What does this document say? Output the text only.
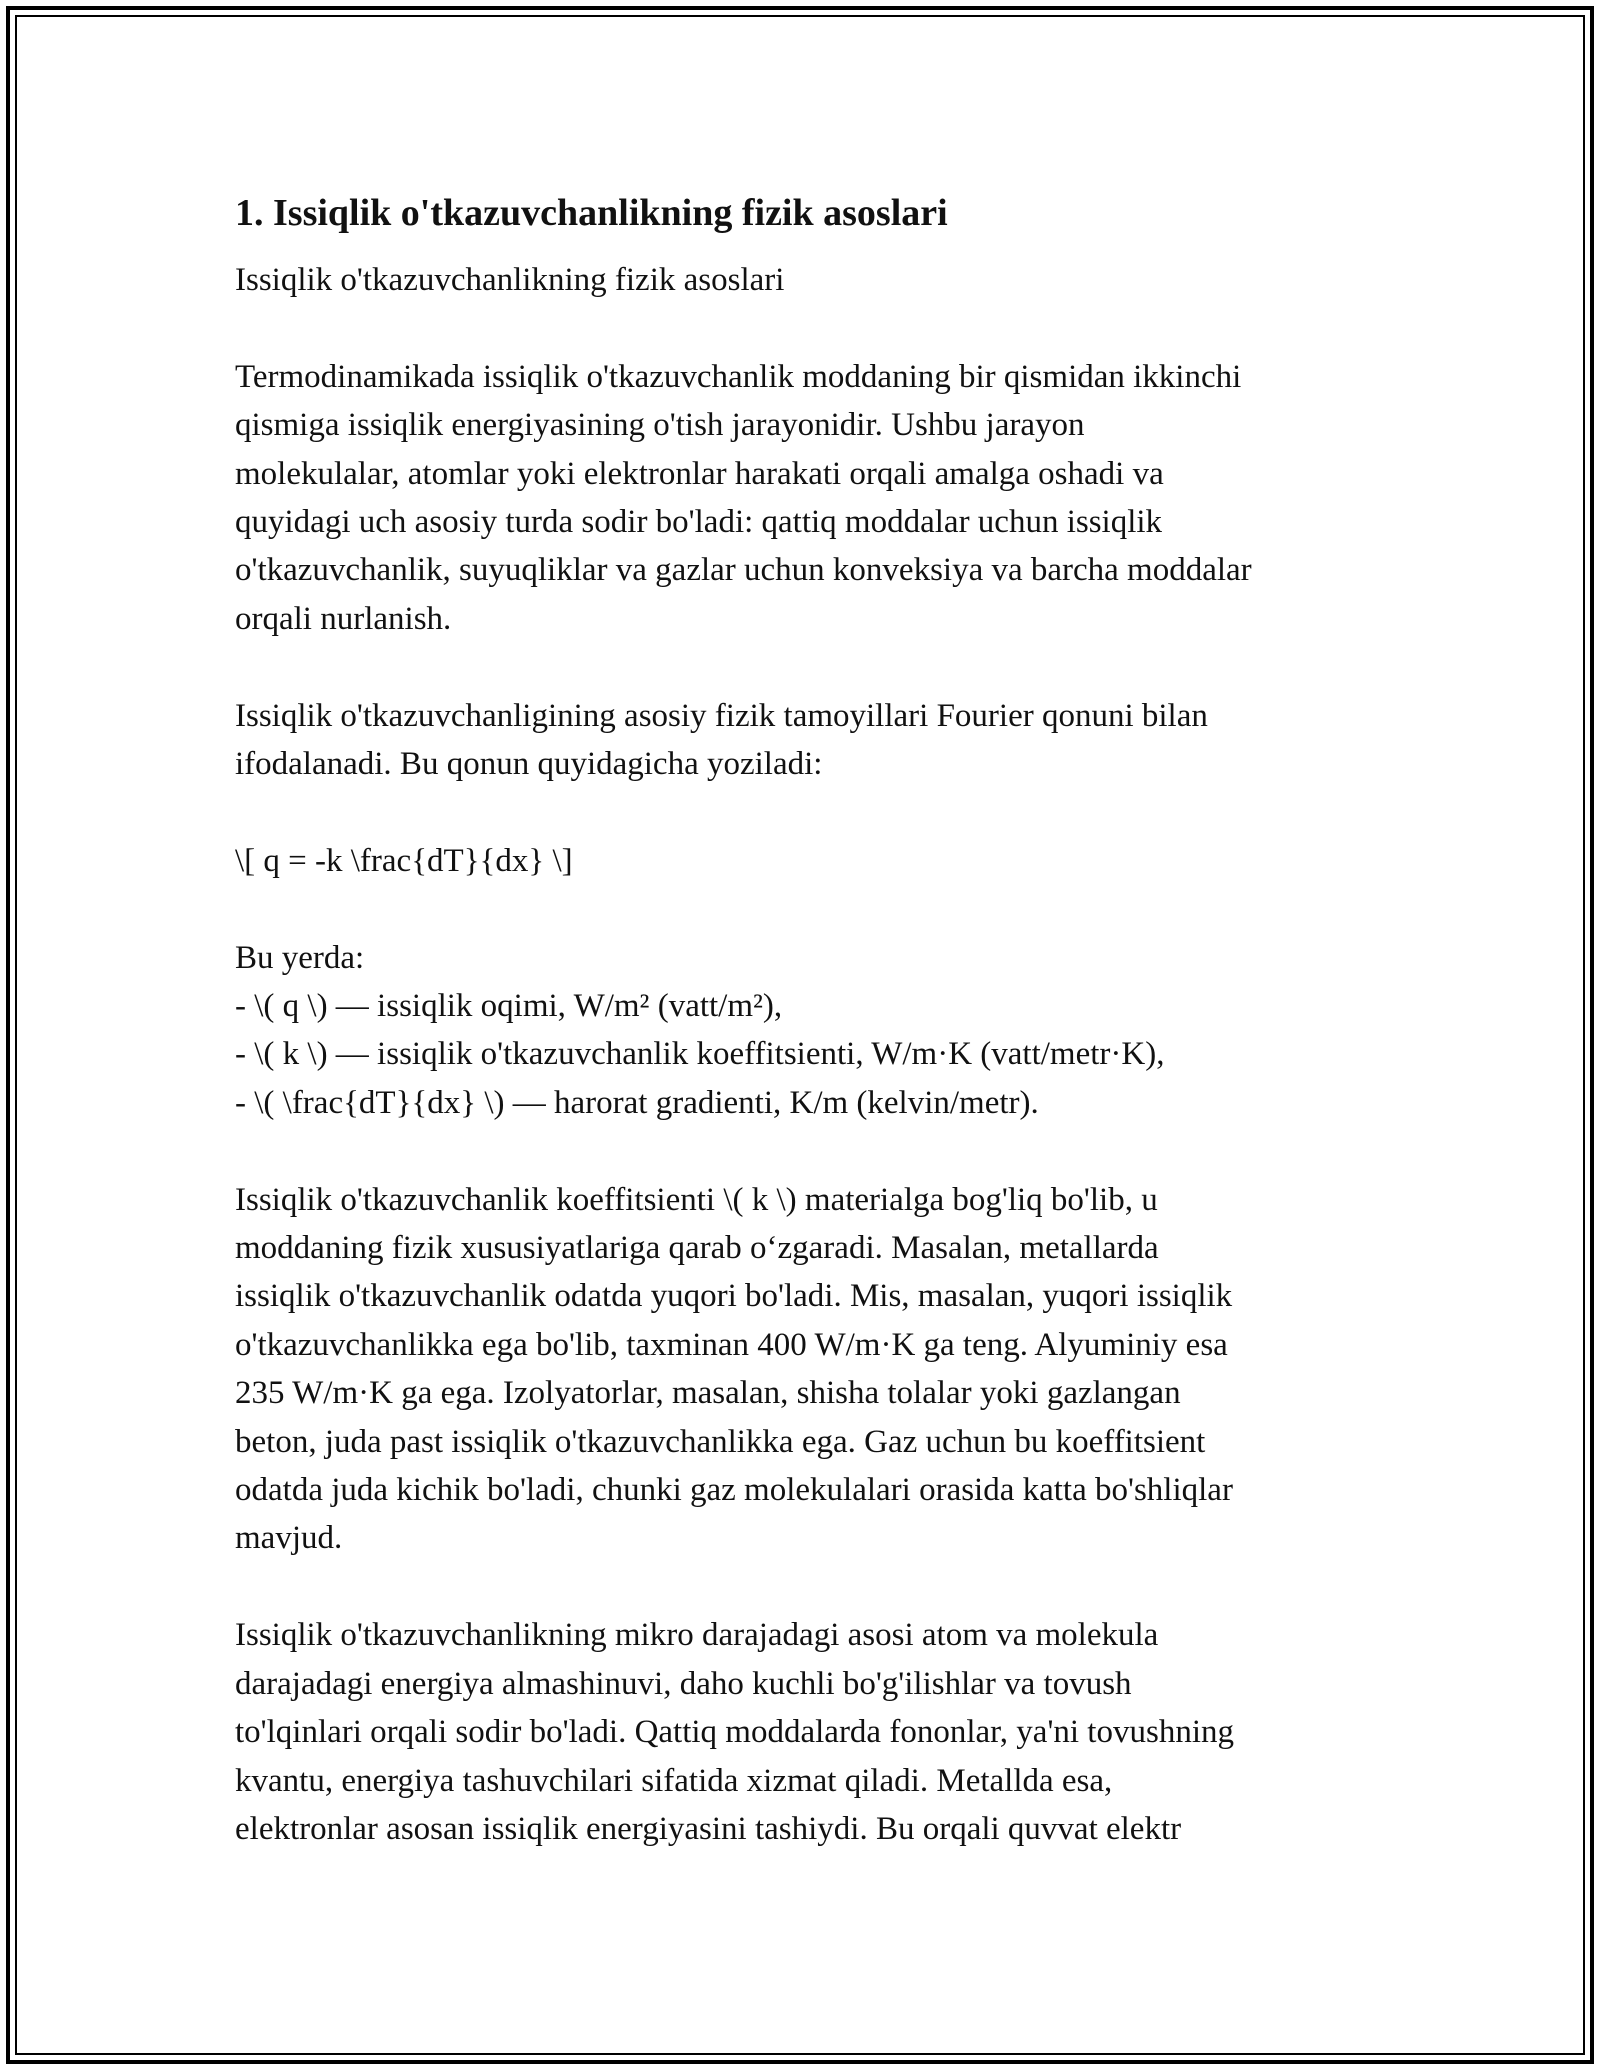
1. Issiqlik o'tkazuvchanlikning fizik asoslari

Issiqlik o'tkazuvchanlikning fizik asoslari

Termodinamikada issiqlik o'tkazuvchanlik moddaning bir qismidan ikkinchi

qismiga issiqlik energiyasining o'tish jarayonidir. Ushbu jarayon

molekulalar, atomlar yoki elektronlar harakati orqali amalga oshadi va

quyidagi uch asosiy turda sodir bo'ladi: qattiq moddalar uchun issiqlik

o'tkazuvchanlik, suyuqliklar va gazlar uchun konveksiya va barcha moddalar

orqali nurlanish.

Issiqlik o'tkazuvchanligining asosiy fizik tamoyillari Fourier qonuni bilan

ifodalanadi. Bu qonun quyidagicha yoziladi:

\[ q = -k \frac{dT}{dx} \]

Bu yerda:

- \( q \) — issiqlik oqimi, W/m² (vatt/m²),

- \( k \) — issiqlik o'tkazuvchanlik koeffitsienti, W/m·K (vatt/metr·K),

- \( \frac{dT}{dx} \) — harorat gradienti, K/m (kelvin/metr).

Issiqlik o'tkazuvchanlik koeffitsienti \( k \) materialga bog'liq bo'lib, u

moddaning fizik xususiyatlariga qarab oʻzgaradi. Masalan, metallarda

issiqlik o'tkazuvchanlik odatda yuqori bo'ladi. Mis, masalan, yuqori issiqlik

o'tkazuvchanlikka ega bo'lib, taxminan 400 W/m·K ga teng. Alyuminiy esa

235 W/m·K ga ega. Izolyatorlar, masalan, shisha tolalar yoki gazlangan

beton, juda past issiqlik o'tkazuvchanlikka ega. Gaz uchun bu koeffitsient

odatda juda kichik bo'ladi, chunki gaz molekulalari orasida katta bo'shliqlar

mavjud.

Issiqlik o'tkazuvchanlikning mikro darajadagi asosi atom va molekula

darajadagi energiya almashinuvi, daho kuchli bo'g'ilishlar va tovush

to'lqinlari orqali sodir bo'ladi. Qattiq moddalarda fononlar, ya'ni tovushning

kvantu, energiya tashuvchilari sifatida xizmat qiladi. Metallda esa,

elektronlar asosan issiqlik energiyasini tashiydi. Bu orqali quvvat elektr
